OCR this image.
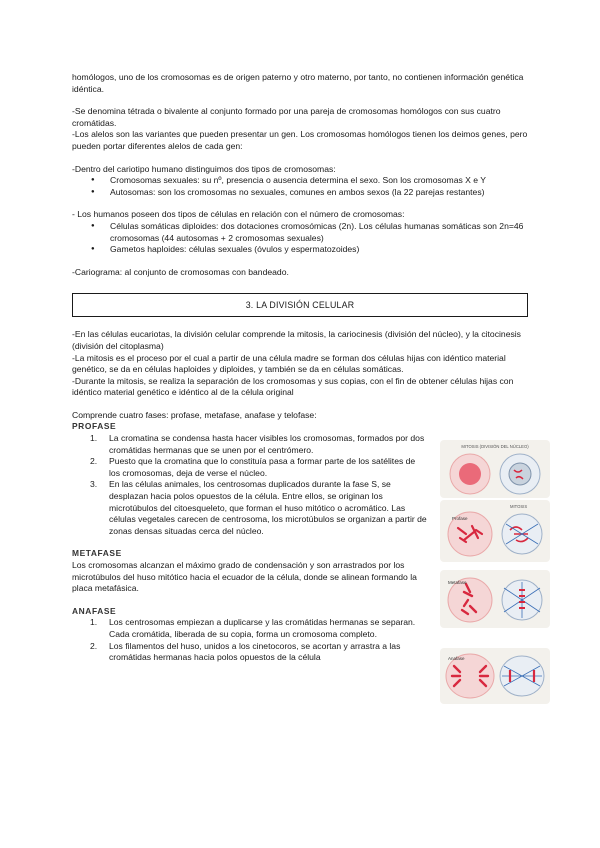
homólogos, uno de los cromosomas es de origen paterno y otro materno, por tanto, no contienen información genética idéntica.

-Se denomina tétrada o bivalente al conjunto formado por una pareja de cromosomas homólogos con sus cuatro cromátidas.

-Los alelos son las variantes que pueden presentar un gen. Los cromosomas homólogos tienen los deimos genes, pero pueden portar diferentes alelos de cada gen:

-Dentro del cariotipo humano distinguimos dos tipos de cromosomas:

● Cromosomas sexuales: su nº, presencia o ausencia determina el sexo. Son los cromosomas X e Y
● Autosomas: son los cromosomas no sexuales, comunes en ambos sexos (la 22 parejas restantes)

- Los humanos poseen dos tipos de células en relación con el número de cromosomas:

● Células somáticas diploides: dos dotaciones cromosómicas (2n). Los células humanas somáticas son 2n=46 cromosomas (44 autosomas + 2 cromosomas sexuales)
● Gametos haploides: células sexuales (óvulos y espermatozoides)

-Cariograma: al conjunto de cromosomas con bandeado.

3. LA DIVISIÓN CELULAR

-En las células eucariotas, la división celular comprende la mitosis, la cariocinesis (división del núcleo), y la citocinesis (división del citoplasma)

-La mitosis es el proceso por el cual a partir de una célula madre se forman dos células hijas con idéntico material genético, se da en células haploides y diploides, y también se da en células somáticas.

-Durante la mitosis, se realiza la separación de los cromosomas y sus copias, con el fin de obtener células hijas con idéntico material genético e idéntico al de la célula original

Comprende cuatro fases: profase, metafase, anafase y telofase:

PROFASE

1. La cromatina se condensa hasta hacer visibles los cromosomas, formados por dos cromátidas hermanas que se unen por el centrómero.
2. Puesto que la cromatina que lo constituía pasa a formar parte de los satélites de los cromosomas, deja de verse el núcleo.
3. En las células animales, los centrosomas duplicados durante la fase S, se desplazan hacia polos opuestos de la célula. Entre ellos, se originan los microtúbulos del citoesqueleto, que forman el huso mitótico o acromático. Las células vegetales carecen de centrosoma, los microtúbulos se organizan a partir de zonas densas situadas cerca del núcleo.

METAFASE

Los cromosomas alcanzan el máximo grado de condensación y son arrastrados por los microtúbulos del huso mitótico hacia el ecuador de la célula, donde se alinean formando la placa metafásica.

ANAFASE

1. Los centrosomas empiezan a duplicarse y las cromátidas hermanas se separan. Cada cromátida, liberada de su copia, forma un cromosoma completo.
2. Los filamentos del huso, unidos a los cinetocoros, se acortan y arrastra a las cromátidas hermanas hacia polos opuestos de la célula
MITOSIS (DIVISIÓN DEL NÚCLEO)
MITOSIS
Profase
Metafase
Anafase
